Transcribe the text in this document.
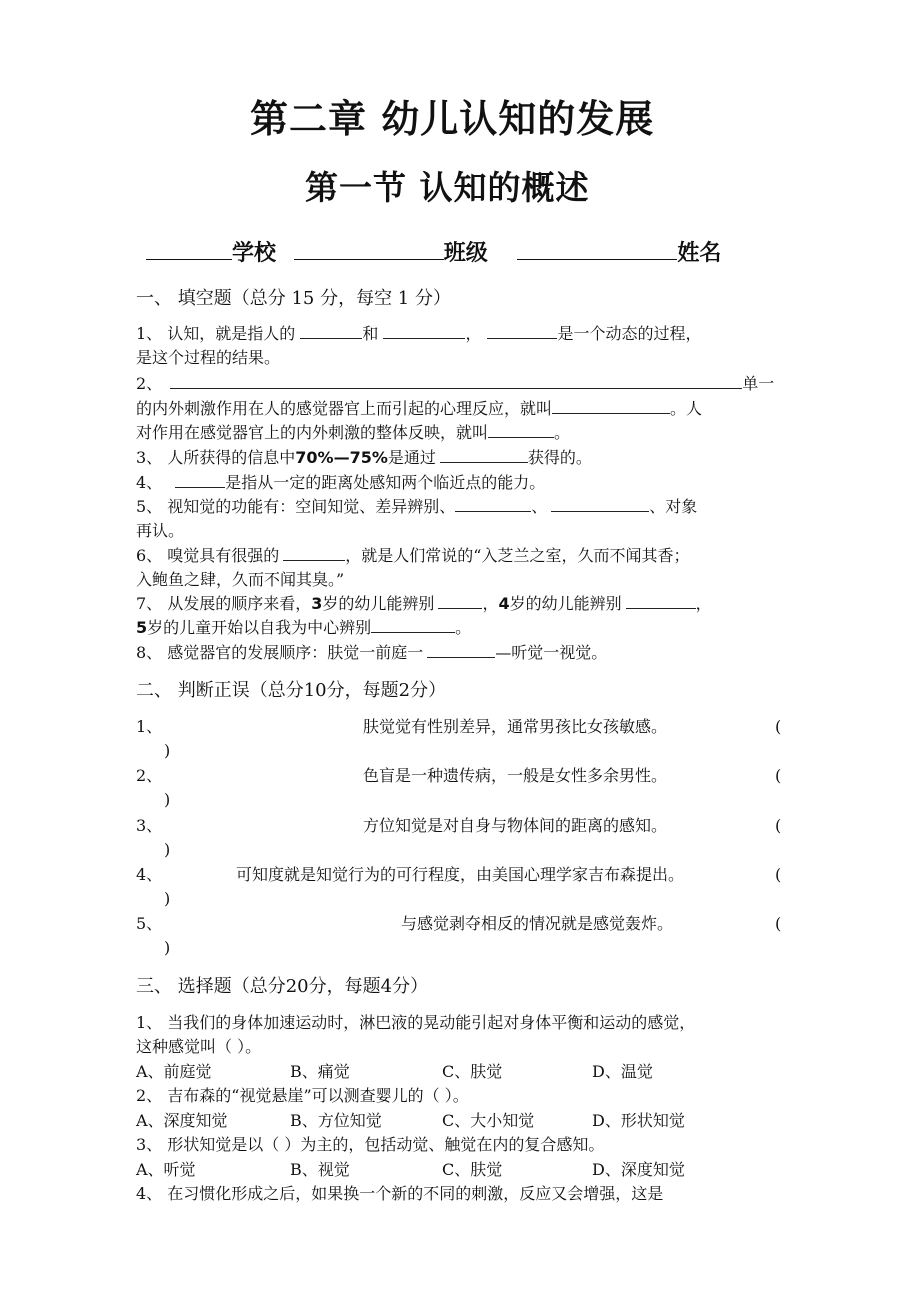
第二章 幼儿认知的发展
第一节 认知的概述
学校	班级	姓名
一、 填空题（总分 15 分，每空 1 分）
1、 认知，就是指人的	和	，	是一个动态的过程，
是这个过程的结果。
2、	单一
的内外刺激作用在人的感觉器官上而引起的心理反应，就叫	。人
对作用在感觉器官上的内外刺激的整体反映，就叫	。
3、 人所获得的信息中70%—75%是通过	获得的。
4、	是指从一定的距离处感知两个临近点的能力。
5、 视知觉的功能有：空间知觉、差异辨别、	、	、对象
再认。
6、 嗅觉具有很强的	，就是人们常说的“入芝兰之室，久而不闻其香；
入鲍鱼之肆，久而不闻其臭。”
7、 从发展的顺序来看，3岁的幼儿能辨别	，4岁的幼儿能辨别	，
5岁的儿童开始以自我为中心辨别	。
8、 感觉器官的发展顺序：肤觉一前庭一	—听觉一视觉。
二、 判断正误（总分10分，每题2分）
1、	肤觉觉有性别差异，通常男孩比女孩敏感。	(
)
2、	色盲是一种遗传病，一般是女性多余男性。	(
)
3、	方位知觉是对自身与物体间的距离的感知。	(
)
4、	可知度就是知觉行为的可行程度，由美国心理学家吉布森提出。	(
)
5、	与感觉剥夺相反的情况就是感觉轰炸。	(
)
三、 选择题（总分20分，每题4分）
1、 当我们的身体加速运动时，淋巴液的晃动能引起对身体平衡和运动的感觉，
这种感觉叫（ ）。
A、前庭觉	B、痛觉	C、肤觉	D、温觉
2、 吉布森的“视觉悬崖”可以测查婴儿的（ ）。
A、深度知觉	B、方位知觉	C、大小知觉	D、形状知觉
3、 形状知觉是以（ ）为主的，包括动觉、触觉在内的复合感知。
A、听觉	B、视觉	C、肤觉	D、深度知觉
4、 在习惯化形成之后，如果换一个新的不同的刺激，反应又会增强，这是
